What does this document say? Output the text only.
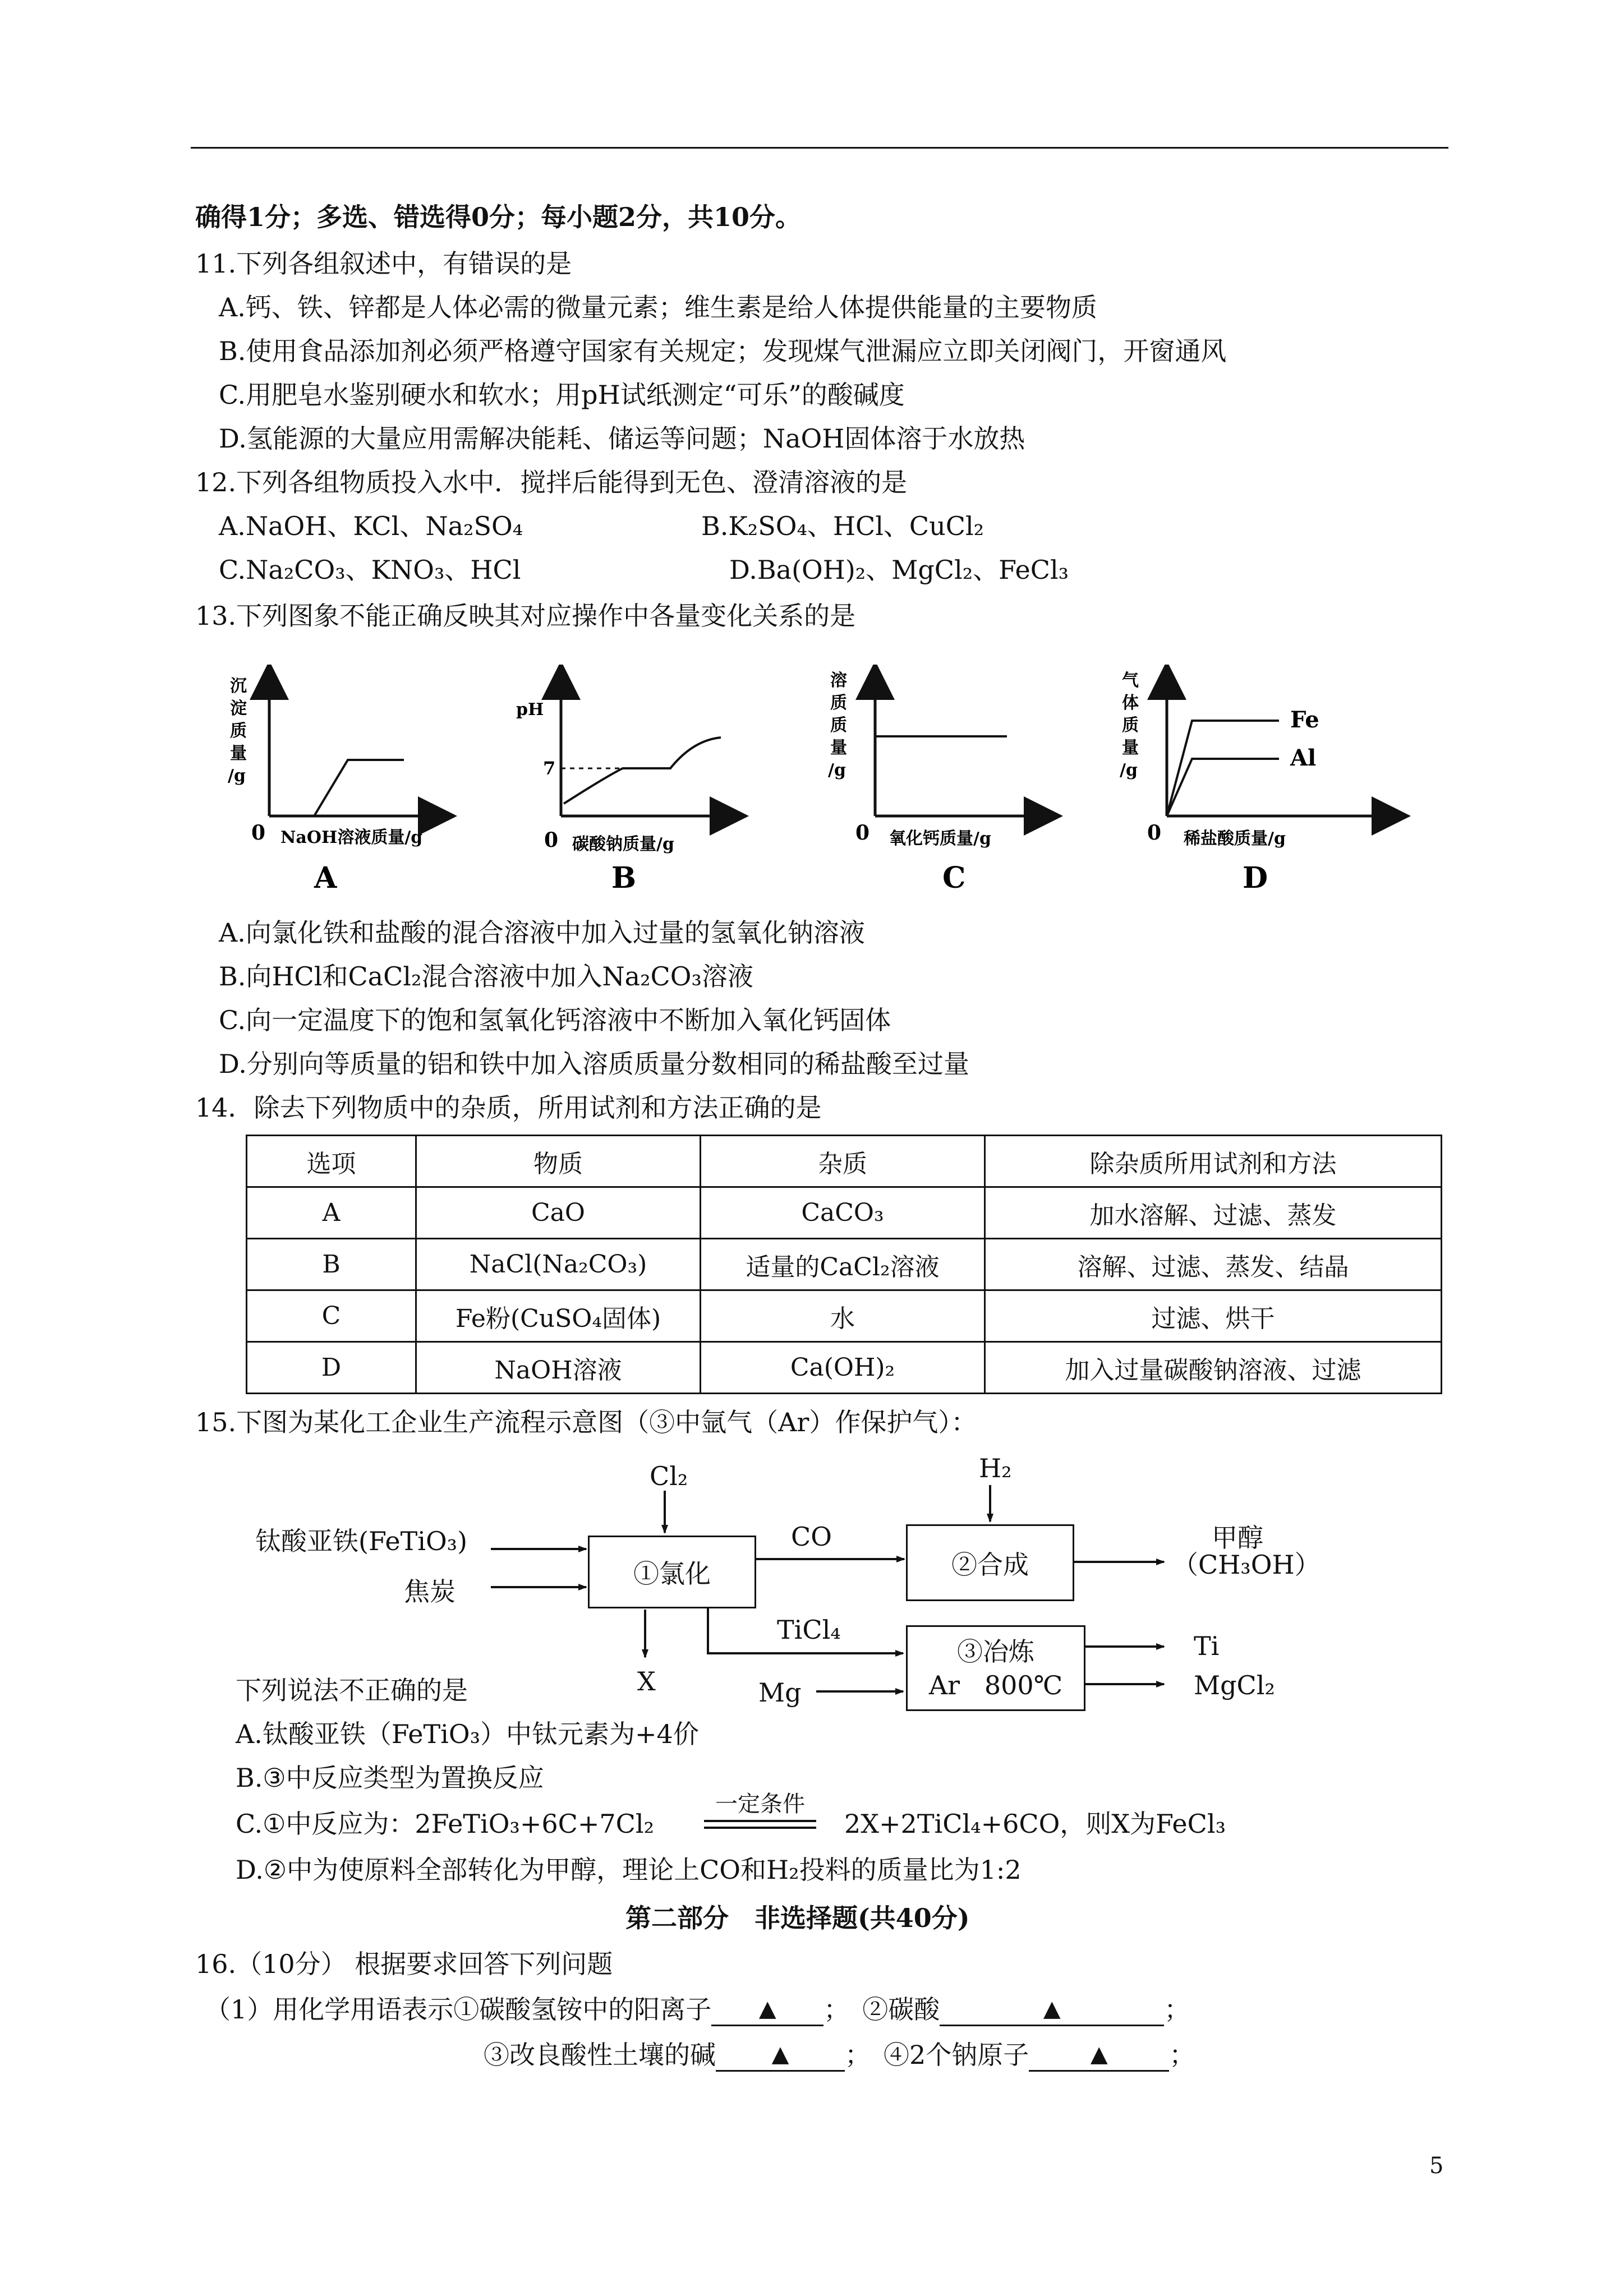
确得1分；多选、错选得0分；每小题2分，共10分。
11.下列各组叙述中，有错误的是
A.钙、铁、锌都是人体必需的微量元素；维生素是给人体提供能量的主要物质
B.使用食品添加剂必须严格遵守国家有关规定；发现煤气泄漏应立即关闭阀门，开窗通风
C.用肥皂水鉴别硬水和软水；用pH试纸测定“可乐”的酸碱度
D.氢能源的大量应用需解决能耗、储运等问题；NaOH固体溶于水放热
12.下列各组物质投入水中．搅拌后能得到无色、澄清溶液的是
A.NaOH、KCl、Na₂SO₄	B.K₂SO₄、HCl、CuCl₂
C.Na₂CO₃、KNO₃、HCl	D.Ba(OH)₂、MgCl₂、FeCl₃
13.下列图象不能正确反映其对应操作中各量变化关系的是
沉
淀
质
量
/g
0 NaOH溶液质量/g
A
pH
7
0 碳酸钠质量/g
B
溶
质
质
量
/g
0 氧化钙质量/g
C
气
体
质
量
/g
Fe
Al
0 稀盐酸质量/g
D
A.向氯化铁和盐酸的混合溶液中加入过量的氢氧化钠溶液
B.向HCl和CaCl₂混合溶液中加入Na₂CO₃溶液
C.向一定温度下的饱和氢氧化钙溶液中不断加入氧化钙固体
D.分别向等质量的铝和铁中加入溶质质量分数相同的稀盐酸至过量
14．除去下列物质中的杂质，所用试剂和方法正确的是
选项	物质	杂质	除杂质所用试剂和方法
A	CaO	CaCO₃	加水溶解、过滤、蒸发
B	NaCl(Na₂CO₃)	适量的CaCl₂溶液	溶解、过滤、蒸发、结晶
C	Fe粉(CuSO₄固体)	水	过滤、烘干
D	NaOH溶液	Ca(OH)₂	加入过量碳酸钠溶液、过滤
15.下图为某化工企业生产流程示意图（③中氩气（Ar）作保护气）：
钛酸亚铁(FeTiO₃)
焦炭
Cl₂	H₂
①氯化	②合成
③冶炼
Ar   800℃
CO
TiCl₄
X	Mg
甲醇
（CH₃OH）
Ti
MgCl₂
下列说法不正确的是
A.钛酸亚铁（FeTiO₃）中钛元素为+4价
B.③中反应类型为置换反应
C.①中反应为：2FeTiO₃+6C+7Cl₂
一定条件
2X+2TiCl₄+6CO，则X为FeCl₃
D.②中为使原料全部转化为甲醇，理论上CO和H₂投料的质量比为1:2
第二部分　非选择题(共40分)
16.（10分） 根据要求回答下列问题
（1）用化学用语表示①碳酸氢铵中的阳离子 ▲ ；　②碳酸	▲	；
③改良酸性土壤的碱 ▲ ；　④2个钠原子	▲ ；
5
